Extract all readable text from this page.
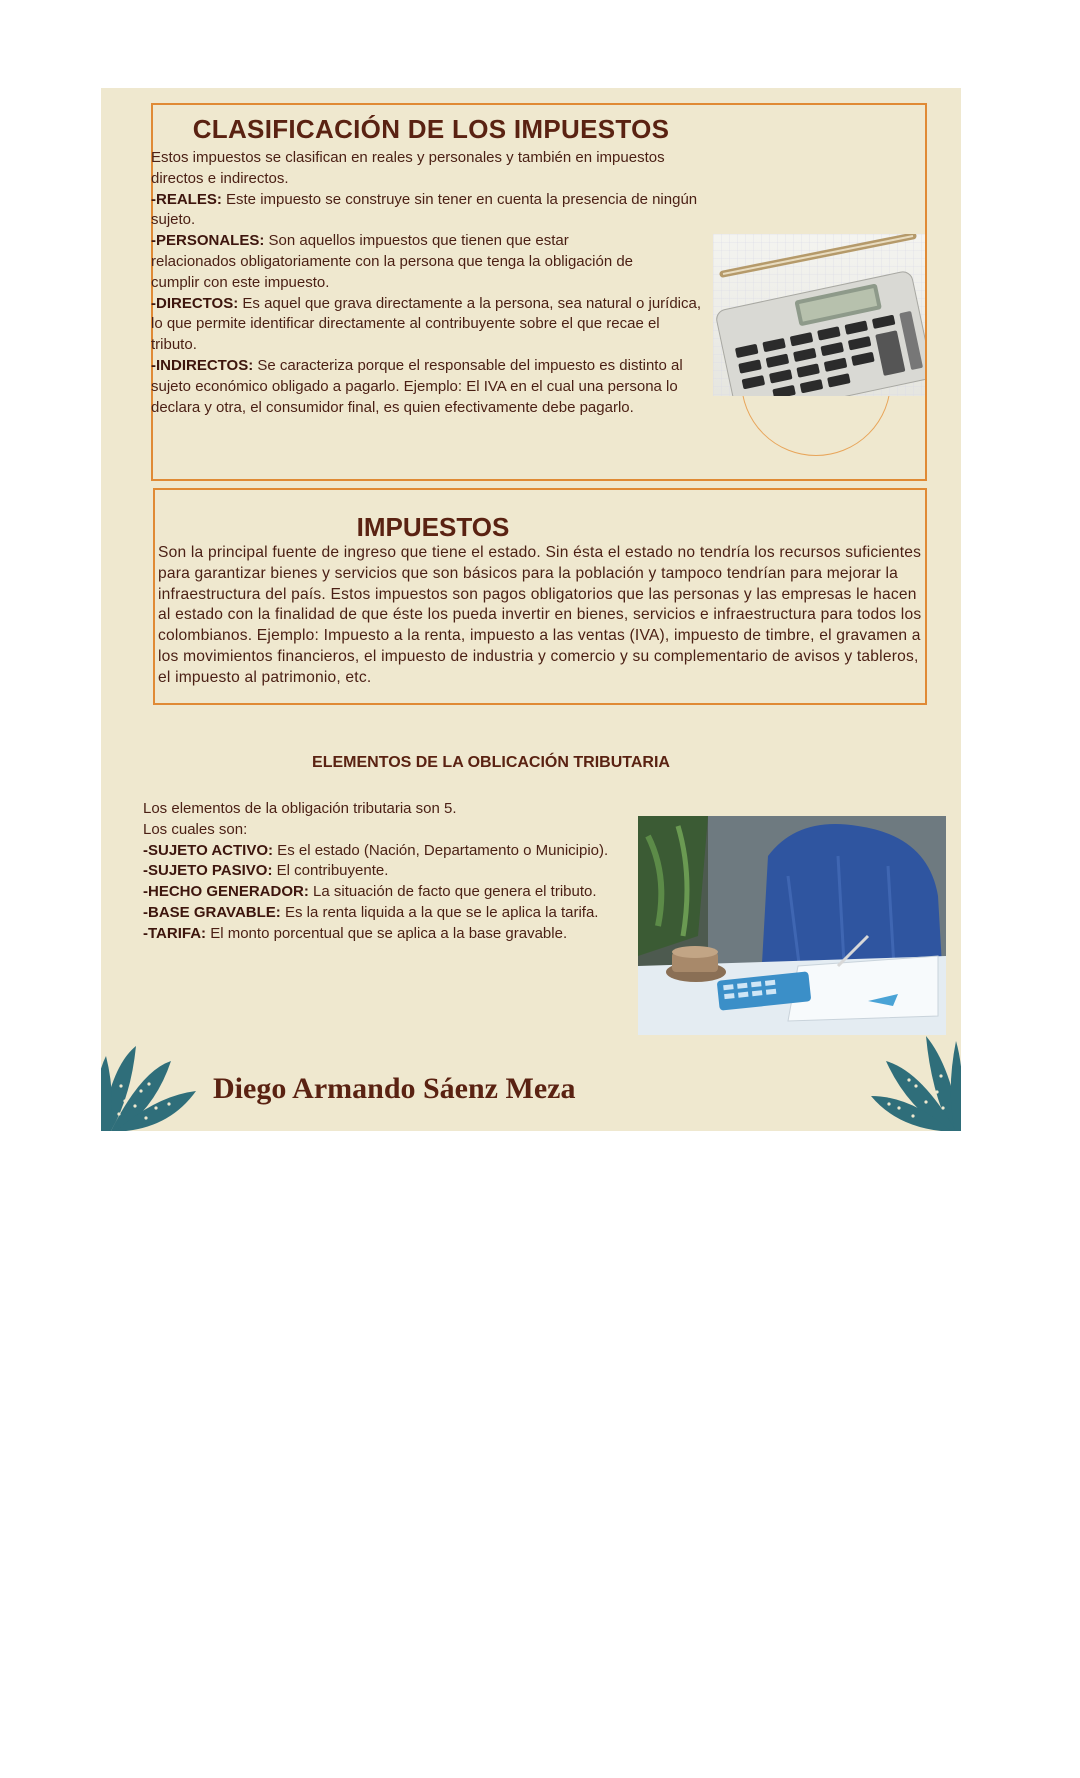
CLASIFICACIÓN DE LOS IMPUESTOS
Estos impuestos se clasifican en reales y personales y también en impuestos directos e indirectos.
-REALES: Este impuesto se construye sin tener en cuenta la presencia de ningún sujeto.
-PERSONALES: Son aquellos impuestos que tienen que estar relacionados obligatoriamente con la persona que tenga la obligación de cumplir con este impuesto.
-DIRECTOS: Es aquel que grava directamente a la persona, sea natural o jurídica, lo que permite identificar directamente al contribuyente sobre el que recae el tributo.
-INDIRECTOS: Se caracteriza porque el responsable del impuesto es distinto al sujeto económico obligado a pagarlo. Ejemplo: El IVA en el cual una persona lo declara y otra, el consumidor final, es quien efectivamente debe pagarlo.
IMPUESTOS
Son la principal fuente de ingreso que tiene el estado. Sin ésta el estado no tendría los recursos suficientes para garantizar bienes y servicios que son básicos para la población y tampoco tendrían para mejorar la infraestructura del país. Estos impuestos son pagos obligatorios que las personas y las empresas le hacen al estado con la finalidad de que éste los pueda invertir en bienes, servicios e infraestructura para todos los colombianos. Ejemplo: Impuesto a la renta, impuesto a las ventas (IVA), impuesto de timbre, el gravamen a los movimientos financieros, el impuesto de industria y comercio y su complementario de avisos y tableros, el impuesto al patrimonio, etc.
ELEMENTOS DE LA OBLICACIÓN TRIBUTARIA
Los elementos de la obligación tributaria son 5.
Los cuales son:
-SUJETO ACTIVO: Es el estado (Nación, Departamento o Municipio).
-SUJETO PASIVO: El contribuyente.
-HECHO GENERADOR: La situación de facto que genera el tributo.
-BASE GRAVABLE: Es la renta liquida a la que se le aplica la tarifa.
-TARIFA: El monto porcentual que se aplica a la base gravable.
Diego Armando Sáenz Meza
